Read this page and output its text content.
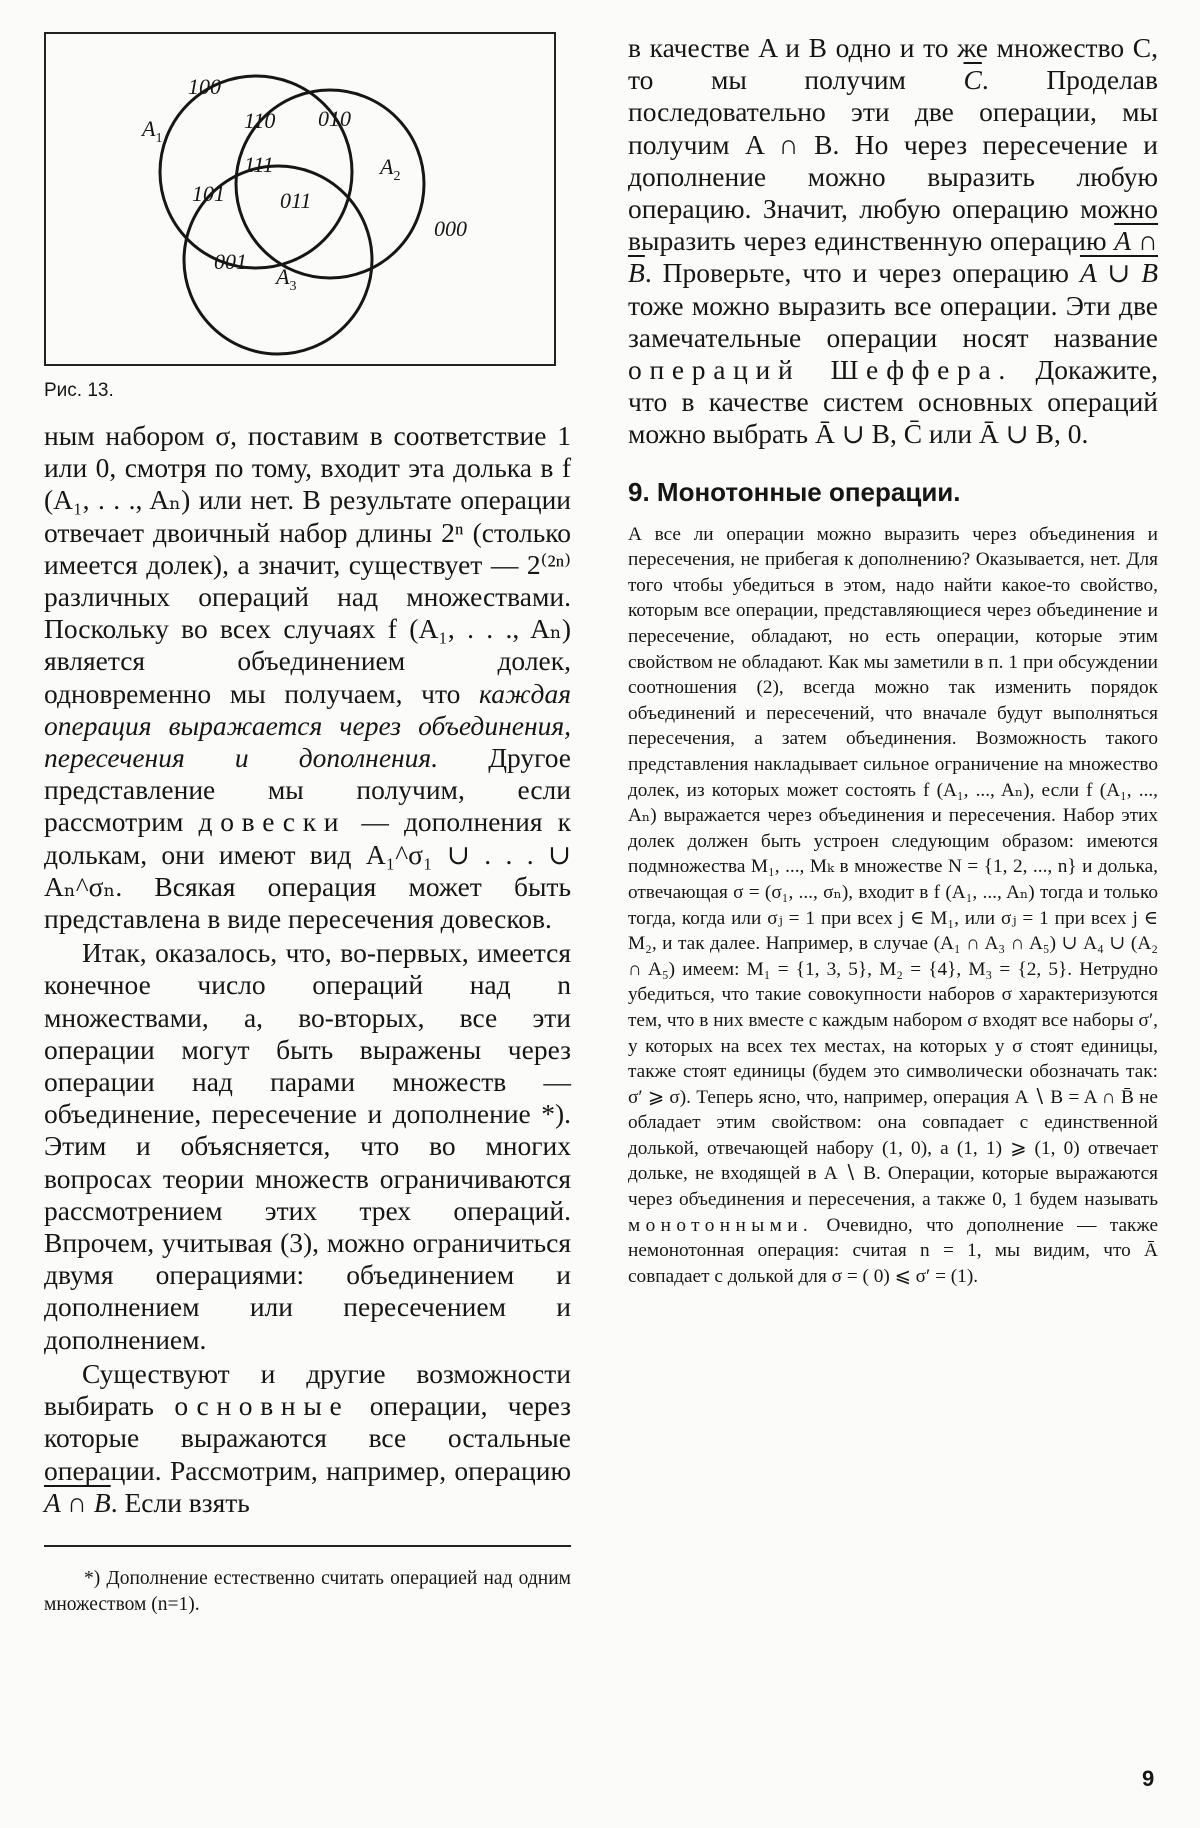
100
010
110
111
101	011
001
000
$A_1$
$A_2$
$A_3$
Рис. 13.

ным набором σ, поставим в соответствие 1 или 0, смотря по тому, входит эта долька в f (A₁, . . ., Aₙ) или нет. В результате операции отвечает двоичный набор длины 2ⁿ (столько имеется долек), а значит, существует — 2⁽²ⁿ⁾ различных операций над множествами. Поскольку во всех случаях f (A₁, . . ., Aₙ) является объединением долек, одновременно мы получаем, что каждая операция выражается через объединения, пересечения и дополнения. Другое представление мы получим, если рассмотрим довески — дополнения к долькам, они имеют вид A₁^σ₁ ∪ . . . ∪ Aₙ^σₙ. Всякая операция может быть представлена в виде пересечения довесков.

Итак, оказалось, что, во-первых, имеется конечное число операций над n множествами, а, во-вторых, все эти операции могут быть выражены через операции над парами множеств — объединение, пересечение и дополнение *). Этим и объясняется, что во многих вопросах теории множеств ограничиваются рассмотрением этих трех операций. Впрочем, учитывая (3), можно ограничиться двумя операциями: объединением и дополнением или пересечением и дополнением.

Существуют и другие возможности выбирать основные операции, через которые выражаются все остальные операции. Рассмотрим, например, операцию A ∩ B. Если взять

*) Дополнение естественно считать операцией над одним множеством (n=1).

в качестве A и B одно и то же множество C, то мы получим $\overline{C}$. Проделав последовательно эти две операции, мы получим A ∩ B. Но через пересечение и дополнение можно выразить любую операцию. Значит, любую операцию можно выразить через единственную операцию A ∩ B. Проверьте, что и через операцию A ∪ B тоже можно выразить все операции. Эти две замечательные операции носят название операций Шеффера. Докажите, что в качестве систем основных операций можно выбрать Ā ∪ B, C̄ или Ā ∪ B, 0.

9. Монотонные операции.

А все ли операции можно выразить через объединения и пересечения, не прибегая к дополнению? Оказывается, нет. Для того чтобы убедиться в этом, надо найти какое-то свойство, которым все операции, представляющиеся через объединение и пересечение, обладают, но есть операции, которые этим свойством не обладают. Как мы заметили в п. 1 при обсуждении соотношения (2), всегда можно так изменить порядок объединений и пересечений, что вначале будут выполняться пересечения, а затем объединения. Возможность такого представления накладывает сильное ограничение на множество долек, из которых может состоять f (A₁, ..., Aₙ), если f (A₁, ..., Aₙ) выражается через объединения и пересечения. Набор этих долек должен быть устроен следующим образом: имеются подмножества M₁, ..., Mₖ в множестве N = {1, 2, ..., n} и долька, отвечающая σ = (σ₁, ..., σₙ), входит в f (A₁, ..., Aₙ) тогда и только тогда, когда или σⱼ = 1 при всех j ∈ M₁, или σⱼ = 1 при всех j ∈ M₂, и так далее. Например, в случае (A₁ ∩ A₃ ∩ A₅) ∪ A₄ ∪ (A₂ ∩ A₅) имеем: M₁ = {1, 3, 5}, M₂ = {4}, M₃ = {2, 5}. Нетрудно убедиться, что такие совокупности наборов σ характеризуются тем, что в них вместе с каждым набором σ входят все наборы σ′, у которых на всех тех местах, на которых у σ стоят единицы, также стоят единицы (будем это символически обозначать так: σ′ ⩾ σ). Теперь ясно, что, например, операция A ∖ B = A ∩ B̄ не обладает этим свойством: она совпадает с единственной долькой, отвечающей набору (1, 0), а (1, 1) ⩾ (1, 0) отвечает дольке, не входящей в A ∖ B. Операции, которые выражаются через объединения и пересечения, а также 0, 1 будем называть монотонными. Очевидно, что дополнение — также немонотонная операция: считая n = 1, мы видим, что Ā совпадает с долькой для σ = ( 0) ⩽ σ′ = (1).

9
